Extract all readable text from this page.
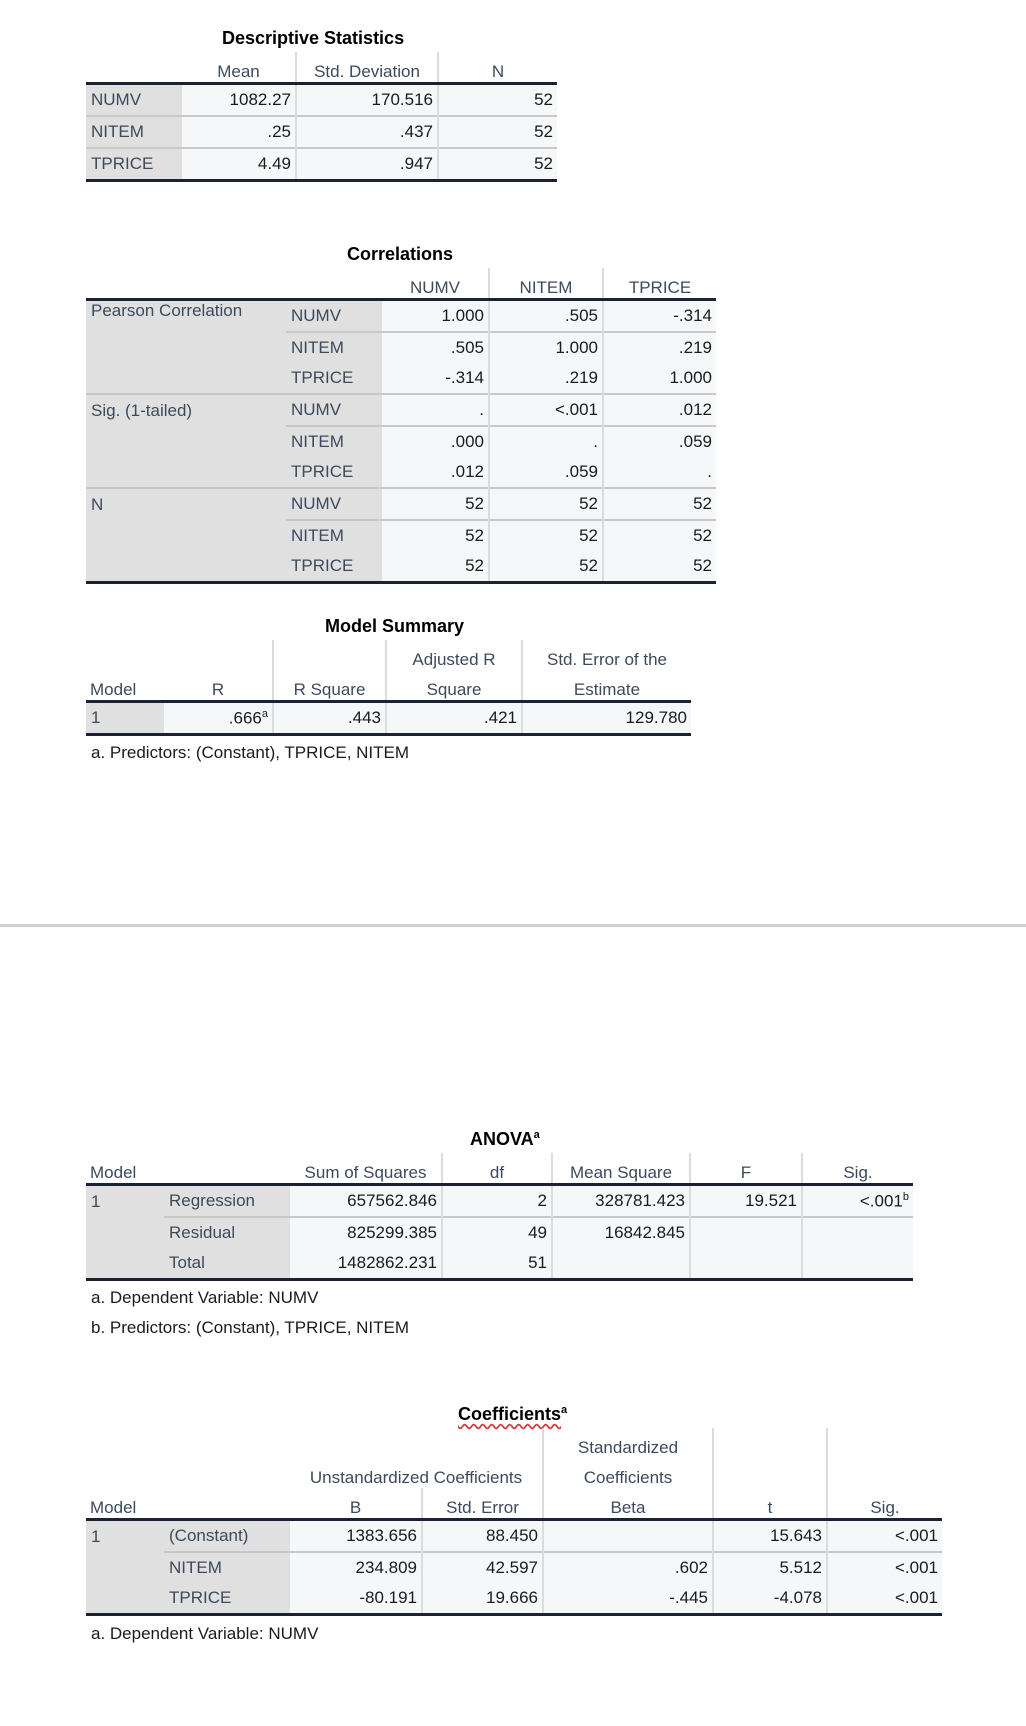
Descriptive Statistics
	Mean	Std. Deviation	N
NUMV	1082.27	170.516	52
NITEM	.25	.437	52
TPRICE	4.49	.947	52
Correlations
		NUMV	NITEM	TPRICE
Pearson Correlation	NUMV	1.000	.505	-.314
	NITEM	.505	1.000	.219
	TPRICE	-.314	.219	1.000
Sig. (1-tailed)	NUMV	.	<.001	.012
	NITEM	.000	.	.059
	TPRICE	.012	.059	.
N	NUMV	52	52	52
	NITEM	52	52	52
	TPRICE	52	52	52
Model Summary
			Adjusted R	Std. Error of the
Model	R	R Square	Square	Estimate
1	.666$^a$	.443	.421	129.780
a. Predictors: (Constant), TPRICE, NITEM
ANOVA$^a$
Model		Sum of Squares	df	Mean Square	F	Sig.
1	Regression	657562.846	2	328781.423	19.521	<.001$^b$
	Residual	825299.385	49	16842.845		
	Total	1482862.231	51			
a. Dependent Variable: NUMV
b. Predictors: (Constant), TPRICE, NITEM
Coefficients$^a$
				Standardized		
		Unstandardized Coefficients		Coefficients		
Model		B	Std. Error	Beta	t	Sig.
1	(Constant)	1383.656	88.450		15.643	<.001
	NITEM	234.809	42.597	.602	5.512	<.001
	TPRICE	-80.191	19.666	-.445	-4.078	<.001
a. Dependent Variable: NUMV
